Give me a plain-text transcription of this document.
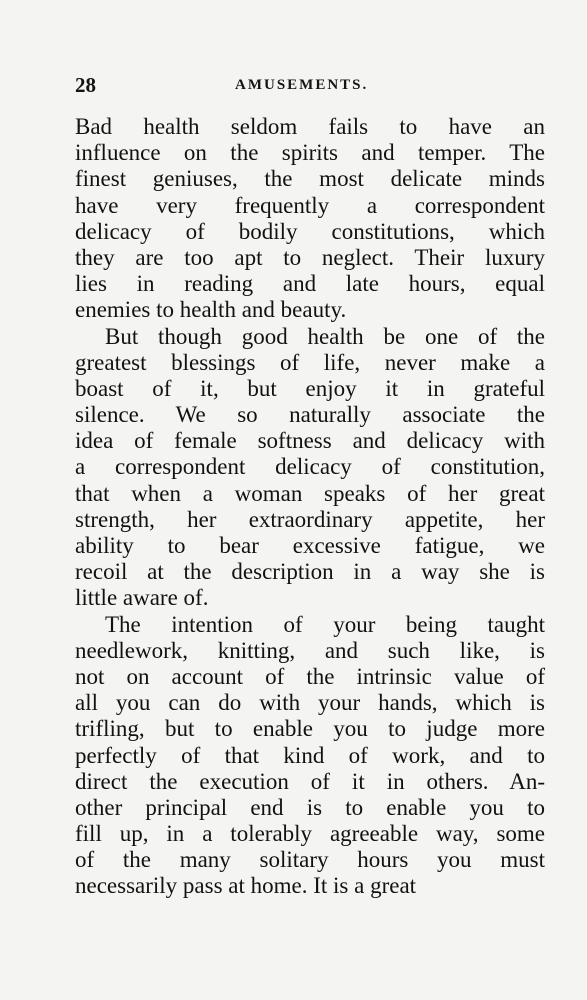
28	AMUSEMENTS.
Bad health seldom fails to have an
influence on the spirits and temper. The
finest geniuses, the most delicate minds
have very frequently a correspondent
delicacy of bodily constitutions, which
they are too apt to neglect. Their luxury
lies in reading and late hours, equal
enemies to health and beauty.
But though good health be one of the
greatest blessings of life, never make a
boast of it, but enjoy it in grateful
silence. We so naturally associate the
idea of female softness and delicacy with
a correspondent delicacy of constitution,
that when a woman speaks of her great
strength, her extraordinary appetite, her
ability to bear excessive fatigue, we
recoil at the description in a way she is
little aware of.
The intention of your being taught
needlework, knitting, and such like, is
not on account of the intrinsic value of
all you can do with your hands, which is
trifling, but to enable you to judge more
perfectly of that kind of work, and to
direct the execution of it in others. An-
other principal end is to enable you to
fill up, in a tolerably agreeable way, some
of the many solitary hours you must
necessarily pass at home. It is a great
